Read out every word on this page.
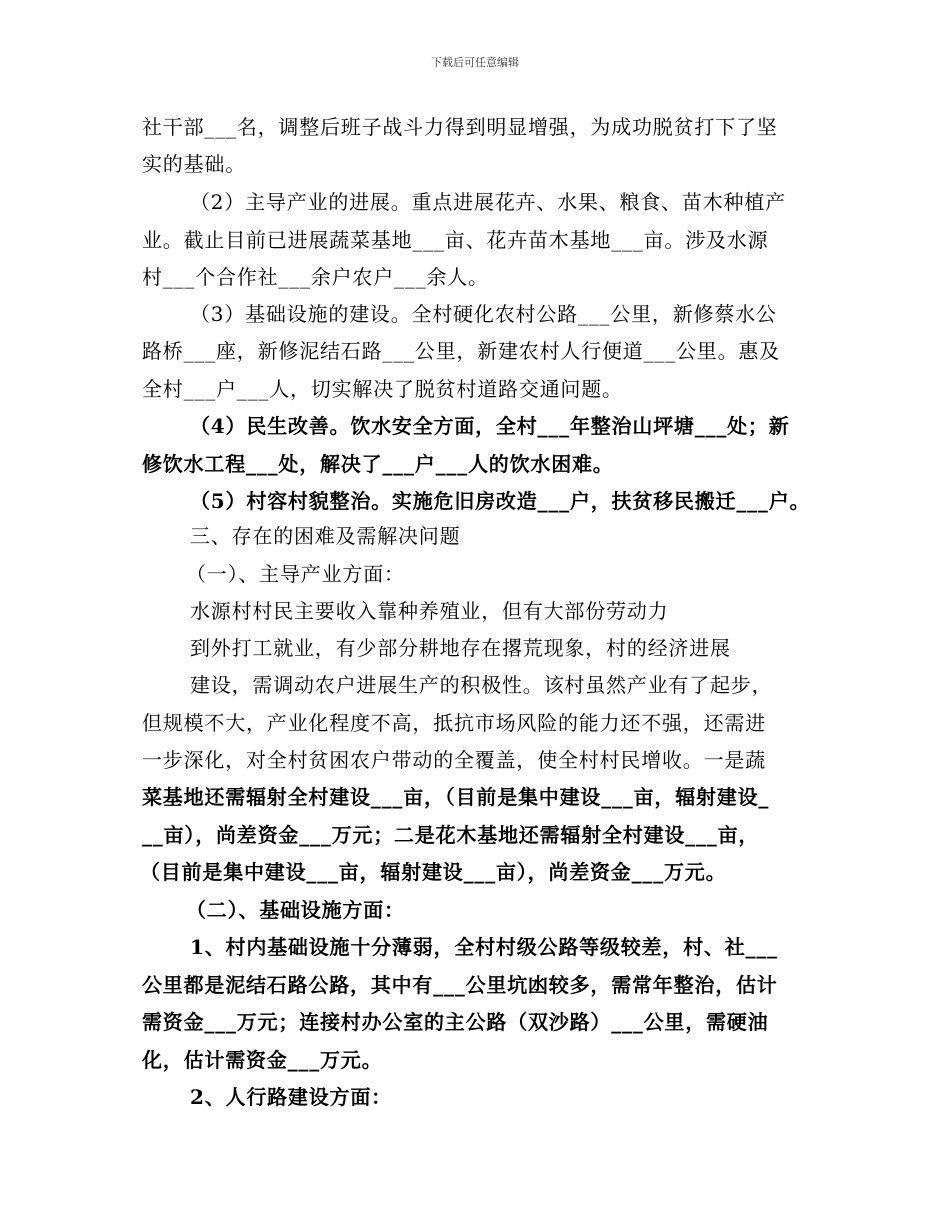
下载后可任意编辑
社干部___名，调整后班子战斗力得到明显增强，为成功脱贫打下了坚
实的基础。
（2）主导产业的进展。重点进展花卉、水果、粮食、苗木种植产
业。截止目前已进展蔬菜基地___亩、花卉苗木基地___亩。涉及水源
村___个合作社___余户农户___余人。
（3）基础设施的建设。全村硬化农村公路___公里，新修蔡水公
路桥___座，新修泥结石路___公里，新建农村人行便道___公里。惠及
全村___户___人，切实解决了脱贫村道路交通问题。
（4）民生改善。饮水安全方面，全村___年整治山坪塘___处；新
修饮水工程___处，解决了___户___人的饮水困难。
（5）村容村貌整治。实施危旧房改造___户，扶贫移民搬迁___户。
三、存在的困难及需解决问题
（一）、主导产业方面：
水源村村民主要收入靠种养殖业，但有大部份劳动力
到外打工就业，有少部分耕地存在撂荒现象，村的经济进展
建设，需调动农户进展生产的积极性。该村虽然产业有了起步，
但规模不大，产业化程度不高，抵抗市场风险的能力还不强，还需进
一步深化，对全村贫困农户带动的全覆盖，使全村村民增收。一是蔬
菜基地还需辐射全村建设___亩，（目前是集中建设___亩，辐射建设_
__亩），尚差资金___万元；二是花木基地还需辐射全村建设___亩，
（目前是集中建设___亩，辐射建设___亩），尚差资金___万元。
（二）、基础设施方面：
1、村内基础设施十分薄弱，全村村级公路等级较差，村、社___
公里都是泥结石路公路，其中有___公里坑凼较多，需常年整治，估计
需资金___万元；连接村办公室的主公路（双沙路）___公里，需硬油
化，估计需资金___万元。
2、人行路建设方面：
